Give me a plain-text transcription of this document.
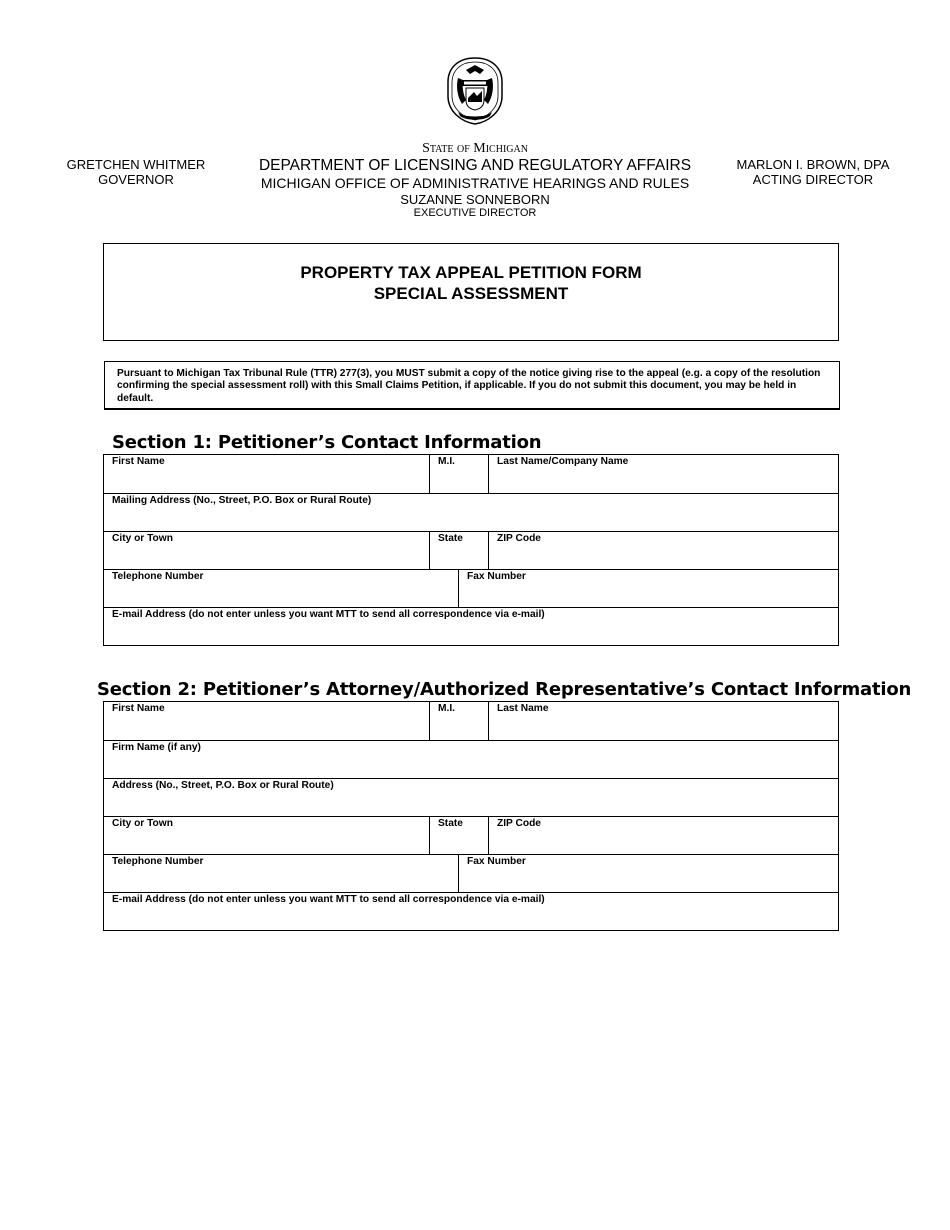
State of Michigan
DEPARTMENT OF LICENSING AND REGULATORY AFFAIRS
MICHIGAN OFFICE OF ADMINISTRATIVE HEARINGS AND RULES
SUZANNE SONNEBORN
EXECUTIVE DIRECTOR
GRETCHEN WHITMER
GOVERNOR
MARLON I. BROWN, DPA
ACTING DIRECTOR
PROPERTY TAX APPEAL PETITION FORM
SPECIAL ASSESSMENT
Pursuant to Michigan Tax Tribunal Rule (TTR) 277(3), you MUST submit a copy of the notice giving rise to the appeal (e.g. a copy of the resolution confirming the special assessment roll) with this Small Claims Petition, if applicable. If you do not submit this document, you may be held in default.
Section 1: Petitioner’s Contact Information
First Name	M.I.	Last Name/Company Name
Mailing Address (No., Street, P.O. Box or Rural Route)
City or Town	State	ZIP Code
Telephone Number	Fax Number
E-mail Address (do not enter unless you want MTT to send all correspondence via e-mail)
Section 2: Petitioner’s Attorney/Authorized Representative’s Contact Information
First Name	M.I.	Last Name
Firm Name (if any)
Address (No., Street, P.O. Box or Rural Route)
City or Town	State	ZIP Code
Telephone Number	Fax Number
E-mail Address (do not enter unless you want MTT to send all correspondence via e-mail)
